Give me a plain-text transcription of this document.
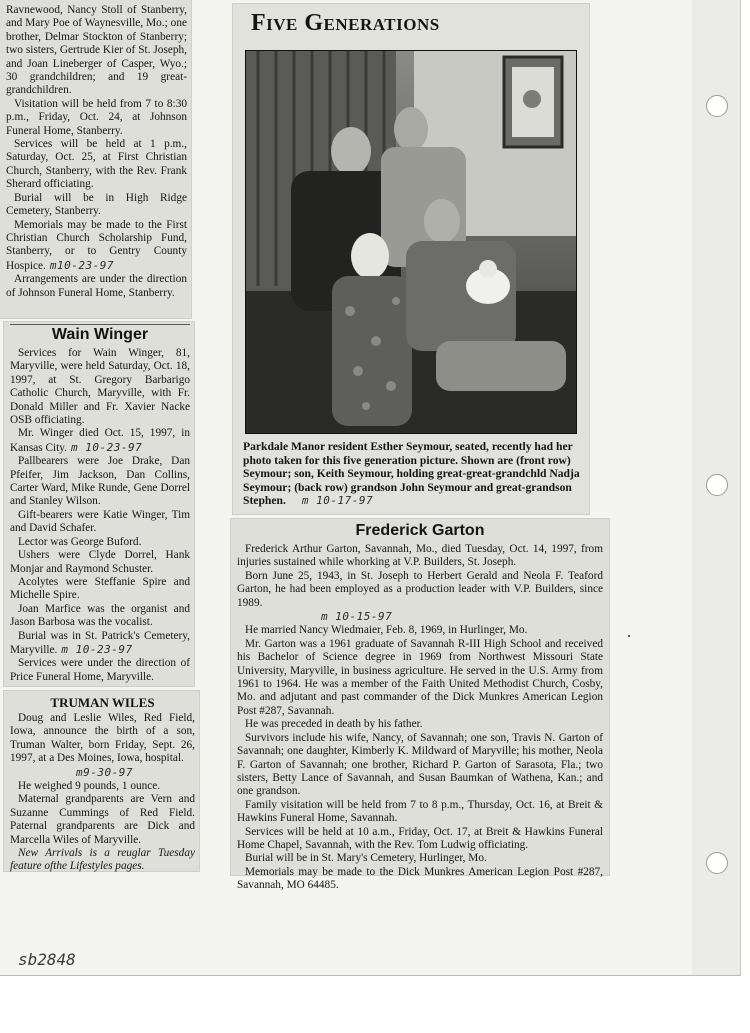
Ravnewood, Nancy Stoll of Stanberry, and Mary Poe of Waynesville, Mo.; one brother, Delmar Stockton of Stanberry; two sisters, Gertrude Kier of St. Joseph, and Joan Lineberger of Casper, Wyo.; 30 grandchildren; and 19 great-grandchildren.

Visitation will be held from 7 to 8:30 p.m., Friday, Oct. 24, at Johnson Funeral Home, Stanberry.

Services will be held at 1 p.m., Saturday, Oct. 25, at First Christian Church, Stanberry, with the Rev. Frank Sherard officiating.

Burial will be in High Ridge Cemetery, Stanberry.

Memorials may be made to the First Christian Church Scholarship Fund, Stanberry, or to Gentry County Hospice. m10-23-97

Arrangements are under the direction of Johnson Funeral Home, Stanberry.

Wain Winger

Services for Wain Winger, 81, Maryville, were held Saturday, Oct. 18, 1997, at St. Gregory Barbarigo Catholic Church, Maryville, with Fr. Donald Miller and Fr. Xavier Nacke OSB officiating.

Mr. Winger died Oct. 15, 1997, in Kansas City. m 10-23-97

Pallbearers were Joe Drake, Dan Pfeifer, Jim Jackson, Dan Collins, Carter Ward, Mike Runde, Gene Dorrel and Stanley Wilson.

Gift-bearers were Katie Winger, Tim and David Schafer.

Lector was George Buford.

Ushers were Clyde Dorrel, Hank Monjar and Raymond Schuster.

Acolytes were Steffanie Spire and Michelle Spire.

Joan Marfice was the organist and Jason Barbosa was the vocalist.

Burial was in St. Patrick's Cemetery, Maryville. m 10-23-97

Services were under the direction of Price Funeral Home, Maryville.

TRUMAN WILES

Doug and Leslie Wiles, Red Field, Iowa, announce the birth of a son, Truman Walter, born Friday, Sept. 26, 1997, at a Des Moines, Iowa, hospital.

m9-30-97

He weighed 9 pounds, 1 ounce.

Maternal grandparents are Vern and Suzanne Cummings of Red Field. Paternal grandparents are Dick and Marcella Wiles of Maryville.

New Arrivals is a reuglar Tuesday feature ofthe Lifestyles pages.

Five Generations

Parkdale Manor resident Esther Seymour, seated, recently had her photo taken for this five generation picture. Shown are (front row) Seymour; son, Keith Seymour, holding great-great-grandchld Nadja Seymour; (back row) grandson John Seymour and great-grandson Stephen. m 10-17-97

Frederick Garton

Frederick Arthur Garton, Savannah, Mo., died Tuesday, Oct. 14, 1997, from injuries sustained while whorking at V.P. Builders, St. Joseph.

Born June 25, 1943, in St. Joseph to Herbert Gerald and Neola F. Teaford Garton, he had been employed as a production leader with V.P. Builders, since 1989.

m 10-15-97

He married Nancy Wiedmaier, Feb. 8, 1969, in Hurlinger, Mo.

Mr. Garton was a 1961 graduate of Savannah R-III High School and received his Bachelor of Science degree in 1969 from Northwest Missouri State University, Maryville, in business agriculture. He served in the U.S. Army from 1961 to 1964. He was a member of the Faith United Methodist Church, Cosby, Mo. and adjutant and past commander of the Dick Munkres American Legion Post #287, Savannah.

He was preceded in death by his father.

Survivors include his wife, Nancy, of Savannah; one son, Travis N. Garton of Savannah; one daughter, Kimberly K. Mildward of Maryville; his mother, Neola F. Garton of Savannah; one brother, Richard P. Garton of Sarasota, Fla.; two sisters, Betty Lance of Savannah, and Susan Baumkan of Wathena, Kan.; and one grandson.

Family visitation will be held from 7 to 8 p.m., Thursday, Oct. 16, at Breit & Hawkins Funeral Home, Savannah.

Services will be held at 10 a.m., Friday, Oct. 17, at Breit & Hawkins Funeral Home Chapel, Savannah, with the Rev. Tom Ludwig officiating.

Burial will be in St. Mary's Cemetery, Hurlinger, Mo.

Memorials may be made to the Dick Munkres American Legion Post #287, Savannah, MO 64485.

sb2848
